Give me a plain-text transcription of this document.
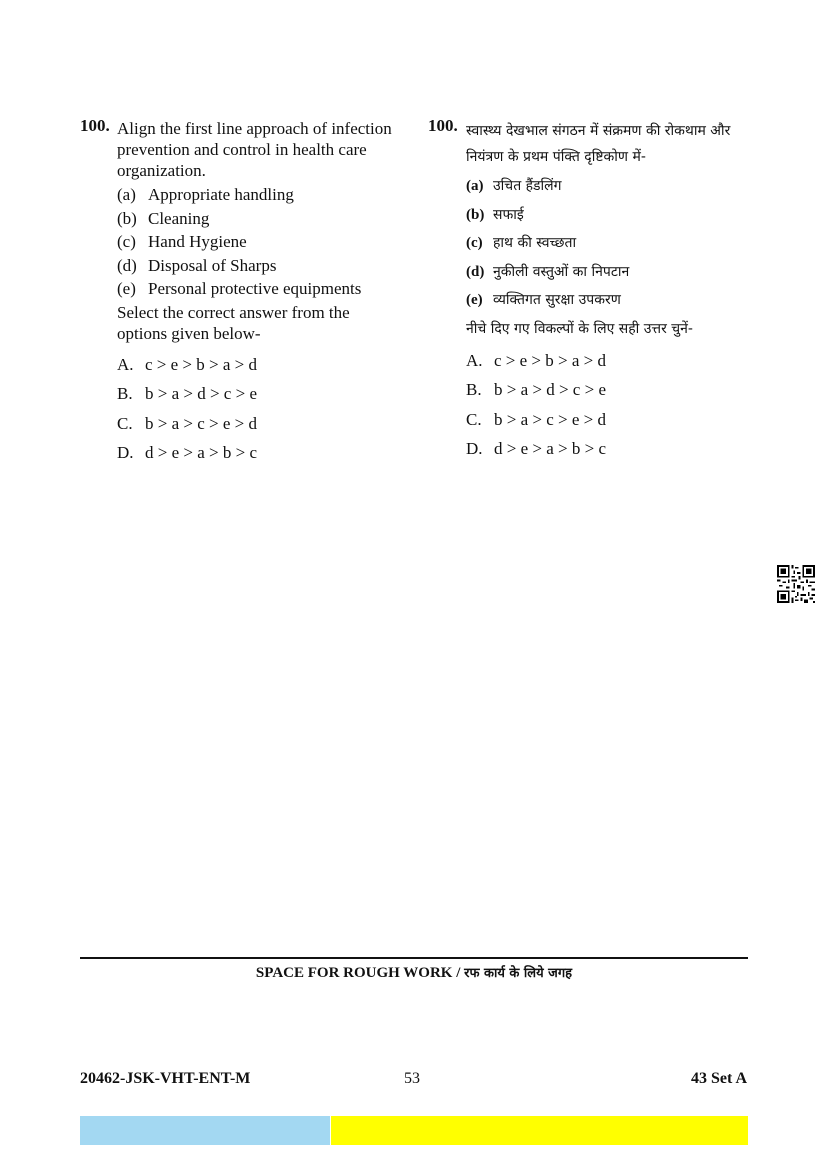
100. Align the first line approach of infection prevention and control in health care organization.
(a) Appropriate handling
(b) Cleaning
(c) Hand Hygiene
(d) Disposal of Sharps
(e) Personal protective equipments
Select the correct answer from the options given below-
A. c > e > b > a > d
B. b > a > d > c > e
C. b > a > c > e > d
D. d > e > a > b > c
100. स्वास्थ्य देखभाल संगठन में संक्रमण की रोकथाम और नियंत्रण के प्रथम पंक्ति दृष्टिकोण में-
(a) उचित हैंडलिंग
(b) सफाई
(c) हाथ की स्वच्छता
(d) नुकीली वस्तुओं का निपटान
(e) व्यक्तिगत सुरक्षा उपकरण
नीचे दिए गए विकल्पों के लिए सही उत्तर चुनें-
A. c > e > b > a > d
B. b > a > d > c > e
C. b > a > c > e > d
D. d > e > a > b > c
SPACE FOR ROUGH WORK / रफ कार्य के लिये जगह
20462-JSK-VHT-ENT-M	53	43 Set A
